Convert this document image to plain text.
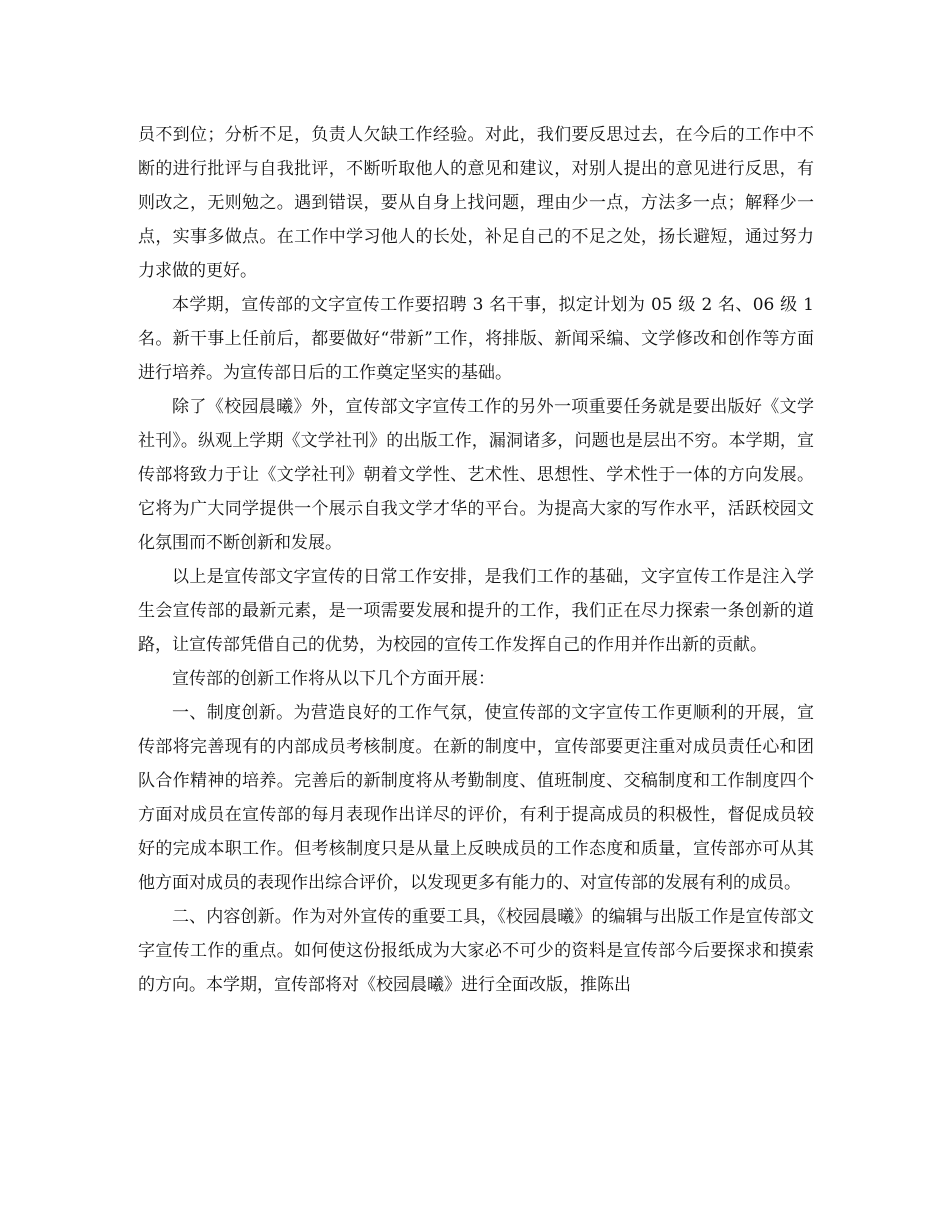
员不到位；分析不足，负责人欠缺工作经验。对此，我们要反思过去，在今后的工作中不断的进行批评与自我批评，不断听取他人的意见和建议，对别人提出的意见进行反思，有则改之，无则勉之。遇到错误，要从自身上找问题，理由少一点，方法多一点；解释少一点，实事多做点。在工作中学习他人的长处，补足自己的不足之处，扬长避短，通过努力力求做的更好。

本学期，宣传部的文字宣传工作要招聘 3 名干事，拟定计划为 05 级 2 名、06 级 1 名。新干事上任前后，都要做好“带新”工作，将排版、新闻采编、文学修改和创作等方面进行培养。为宣传部日后的工作奠定坚实的基础。

除了《校园晨曦》外，宣传部文字宣传工作的另外一项重要任务就是要出版好《文学社刊》。纵观上学期《文学社刊》的出版工作，漏洞诸多，问题也是层出不穷。本学期，宣传部将致力于让《文学社刊》朝着文学性、艺术性、思想性、学术性于一体的方向发展。它将为广大同学提供一个展示自我文学才华的平台。为提高大家的写作水平，活跃校园文化氛围而不断创新和发展。

以上是宣传部文字宣传的日常工作安排，是我们工作的基础，文字宣传工作是注入学生会宣传部的最新元素，是一项需要发展和提升的工作，我们正在尽力探索一条创新的道路，让宣传部凭借自己的优势，为校园的宣传工作发挥自己的作用并作出新的贡献。

宣传部的创新工作将从以下几个方面开展：

一、制度创新。为营造良好的工作气氛，使宣传部的文字宣传工作更顺利的开展，宣传部将完善现有的内部成员考核制度。在新的制度中，宣传部要更注重对成员责任心和团队合作精神的培养。完善后的新制度将从考勤制度、值班制度、交稿制度和工作制度四个方面对成员在宣传部的每月表现作出详尽的评价，有利于提高成员的积极性，督促成员较好的完成本职工作。但考核制度只是从量上反映成员的工作态度和质量，宣传部亦可从其他方面对成员的表现作出综合评价，以发现更多有能力的、对宣传部的发展有利的成员。

二、内容创新。作为对外宣传的重要工具，《校园晨曦》的编辑与出版工作是宣传部文字宣传工作的重点。如何使这份报纸成为大家必不可少的资料是宣传部今后要探求和摸索的方向。本学期，宣传部将对《校园晨曦》进行全面改版，推陈出
